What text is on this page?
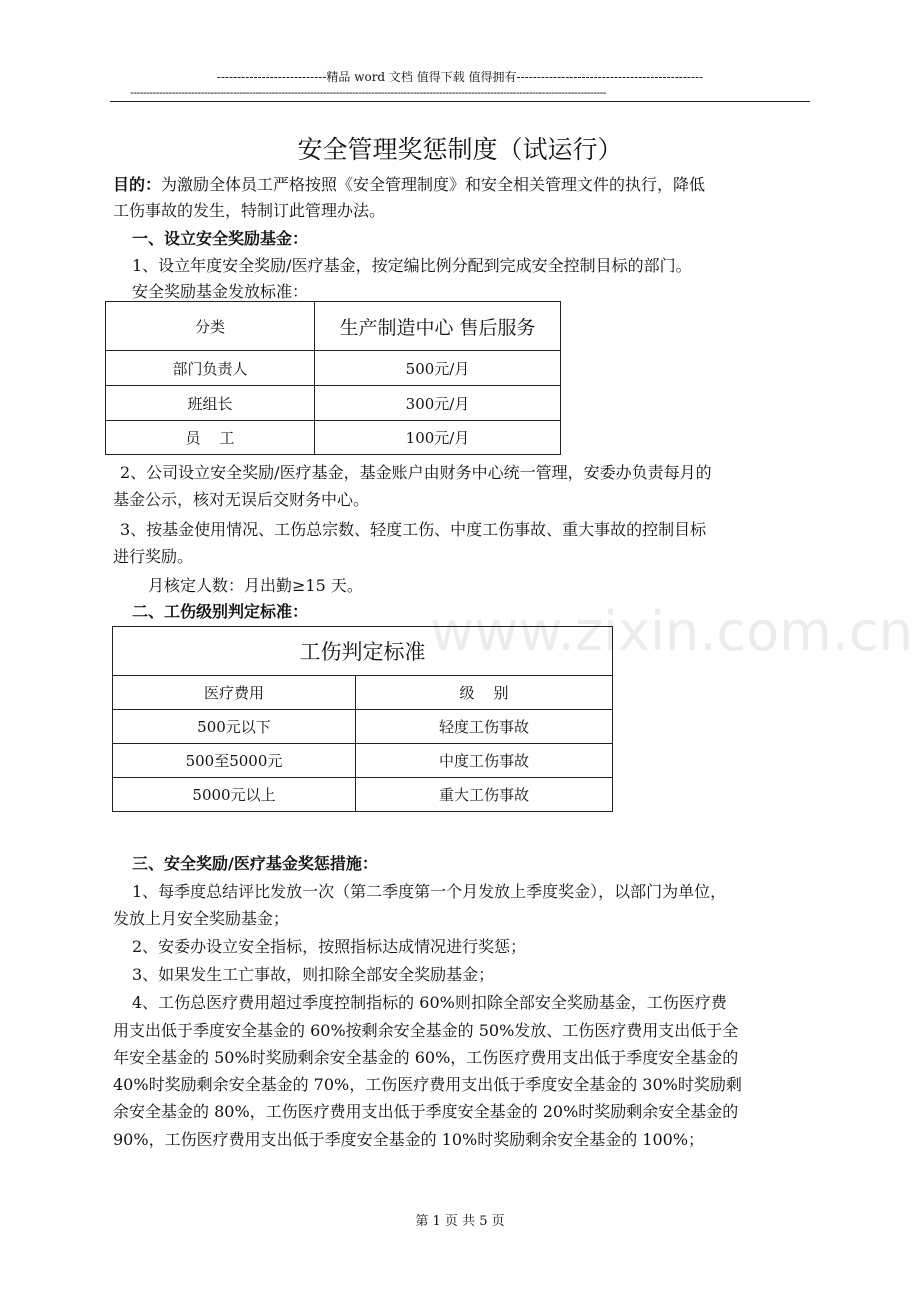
---------------------------精品 word 文档 值得下载 值得拥有----------------------------------------------
----------------------------------------------------------------------------------------------------------------------------------------------------
安全管理奖惩制度（试运行）
目的：为激励全体员工严格按照《安全管理制度》和安全相关管理文件的执行，降低
工伤事故的发生，特制订此管理办法。
一、设立安全奖励基金：
1、设立年度安全奖励/医疗基金，按定编比例分配到完成安全控制目标的部门。
安全奖励基金发放标准：
分类	生产制造中心 售后服务
部门负责人	500元/月
班组长	300元/月
员    工	100元/月
2、公司设立安全奖励/医疗基金，基金账户由财务中心统一管理，安委办负责每月的
基金公示，核对无误后交财务中心。
3、按基金使用情况、工伤总宗数、轻度工伤、中度工伤事故、重大事故的控制目标
进行奖励。
月核定人数：月出勤≥15 天。
二、工伤级别判定标准：
工伤判定标准	
医疗费用	级    别
500元以下	轻度工伤事故
500至5000元	中度工伤事故
5000元以上	重大工伤事故
三、安全奖励/医疗基金奖惩措施：
1、每季度总结评比发放一次（第二季度第一个月发放上季度奖金），以部门为单位，
发放上月安全奖励基金；
2、安委办设立安全指标，按照指标达成情况进行奖惩；
3、如果发生工亡事故，则扣除全部安全奖励基金；
4、工伤总医疗费用超过季度控制指标的 60%则扣除全部安全奖励基金，工伤医疗费
用支出低于季度安全基金的 60%按剩余安全基金的 50%发放、工伤医疗费用支出低于全
年安全基金的 50%时奖励剩余安全基金的 60%，工伤医疗费用支出低于季度安全基金的
40%时奖励剩余安全基金的 70%，工伤医疗费用支出低于季度安全基金的 30%时奖励剩
余安全基金的 80%，工伤医疗费用支出低于季度安全基金的 20%时奖励剩余安全基金的
90%，工伤医疗费用支出低于季度安全基金的 10%时奖励剩余安全基金的 100%；
www.zixin.com.cn
第 1 页 共 5 页
